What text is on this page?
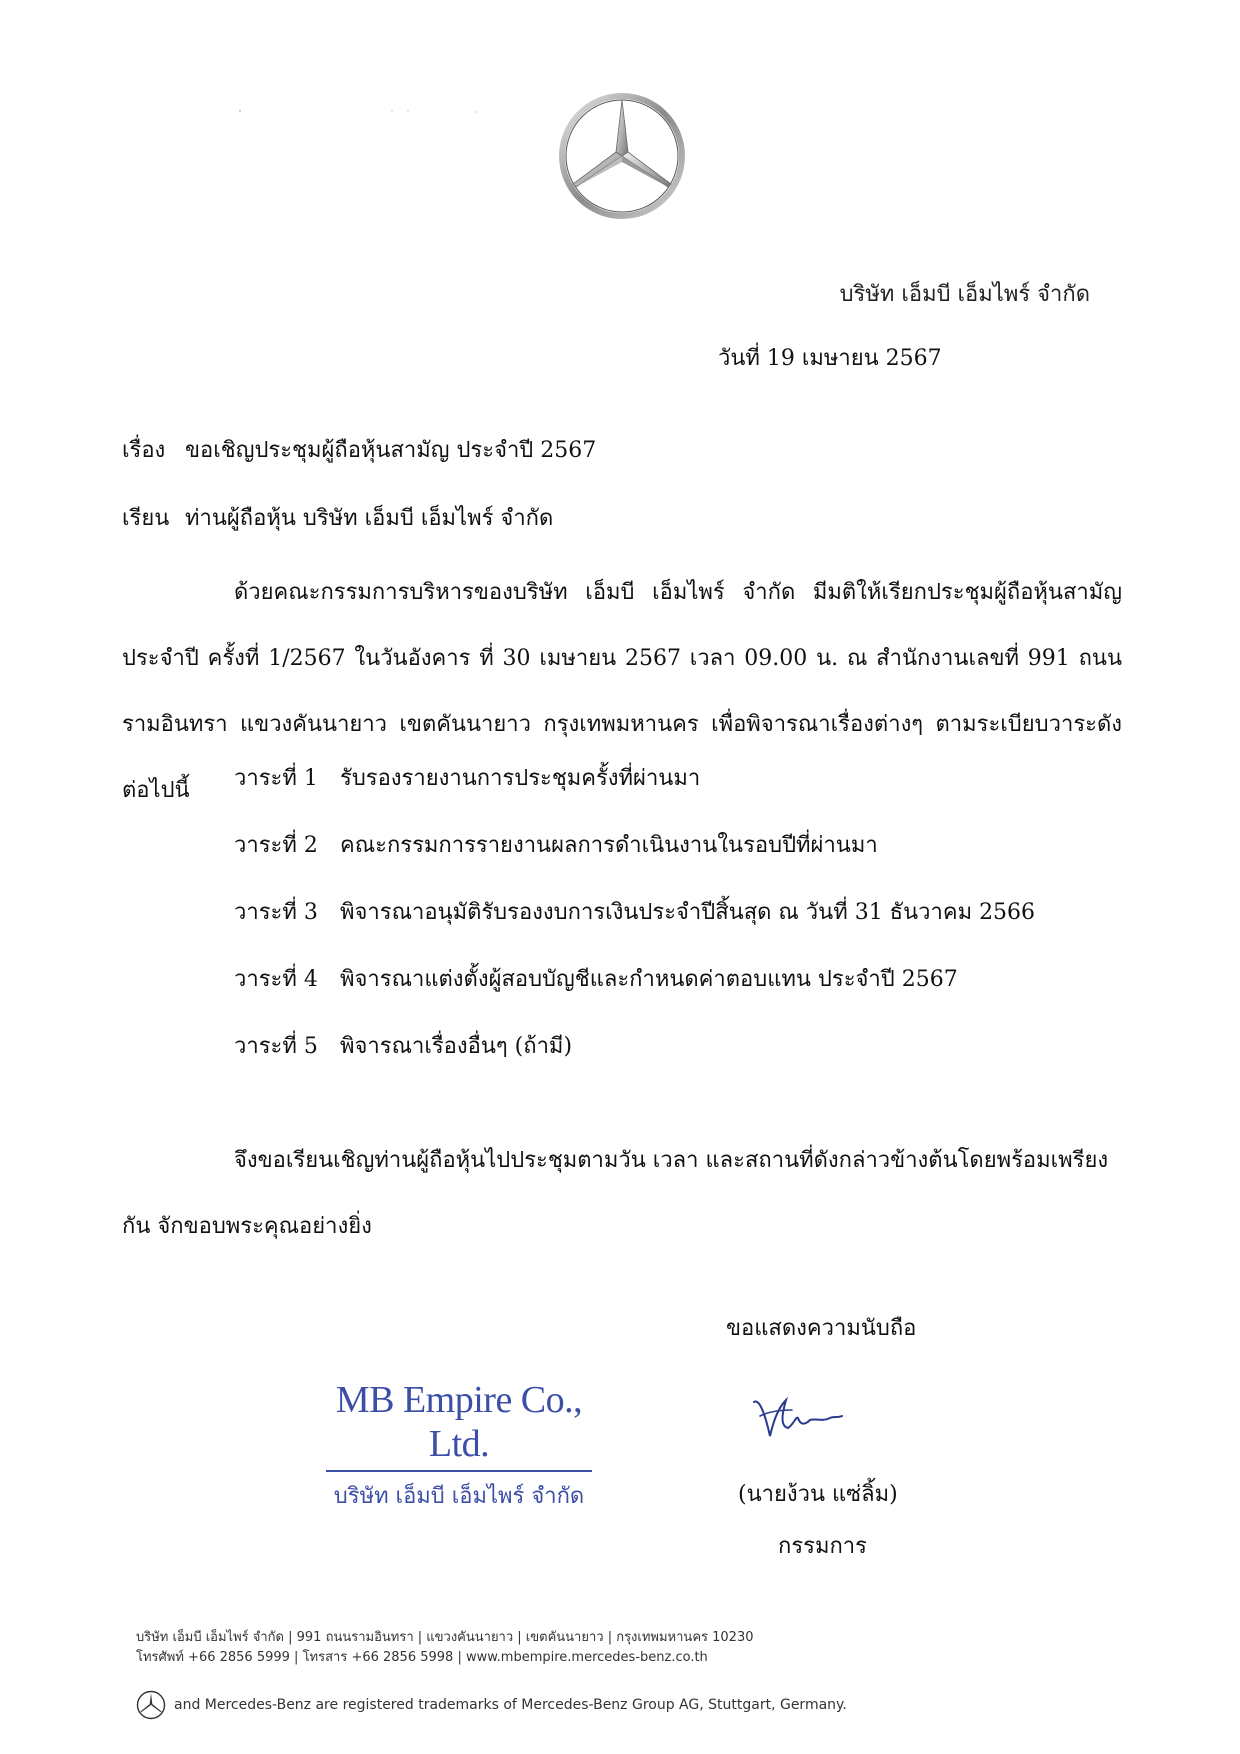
บริษัท เอ็มบี เอ็มไพร์ จำกัด
วันที่ 19 เมษายน 2567
เรื่อง ขอเชิญประชุมผู้ถือหุ้นสามัญ ประจำปี 2567
เรียน ท่านผู้ถือหุ้น บริษัท เอ็มบี เอ็มไพร์ จำกัด
ด้วยคณะกรรมการบริหารของบริษัท เอ็มบี เอ็มไพร์ จำกัด มีมติให้เรียกประชุมผู้ถือหุ้นสามัญ ประจำปี ครั้งที่ 1/2567 ในวันอังคาร ที่ 30 เมษายน 2567 เวลา 09.00 น. ณ สำนักงานเลขที่ 991 ถนนรามอินทรา แขวงคันนายาว เขตคันนายาว กรุงเทพมหานคร เพื่อพิจารณาเรื่องต่างๆ ตามระเบียบวาระดังต่อไปนี้	วาระที่ 1	รับรองรายงานการประชุมครั้งที่ผ่านมา
วาระที่ 2	คณะกรรมการรายงานผลการดำเนินงานในรอบปีที่ผ่านมา
วาระที่ 3	พิจารณาอนุมัติรับรองงบการเงินประจำปีสิ้นสุด ณ วันที่ 31 ธันวาคม 2566
วาระที่ 4	พิจารณาแต่งตั้งผู้สอบบัญชีและกำหนดค่าตอบแทน ประจำปี 2567
วาระที่ 5	พิจารณาเรื่องอื่นๆ (ถ้ามี)
จึงขอเรียนเชิญท่านผู้ถือหุ้นไปประชุมตามวัน เวลา และสถานที่ดังกล่าวข้างต้นโดยพร้อมเพรียงกัน จักขอบพระคุณอย่างยิ่ง
ขอแสดงความนับถือ
MB Empire Co., Ltd.
บริษัท เอ็มบี เอ็มไพร์ จำกัด	(นายง้วน แซ่ลิ้ม)
กรรมการ
บริษัท เอ็มบี เอ็มไพร์ จำกัด | 991 ถนนรามอินทรา | แขวงคันนายาว | เขตคันนายาว | กรุงเทพมหานคร 10230
โทรศัพท์ +66 2856 5999 | โทรสาร +66 2856 5998 | www.mbempire.mercedes-benz.co.th
and Mercedes-Benz are registered trademarks of Mercedes-Benz Group AG, Stuttgart, Germany.
